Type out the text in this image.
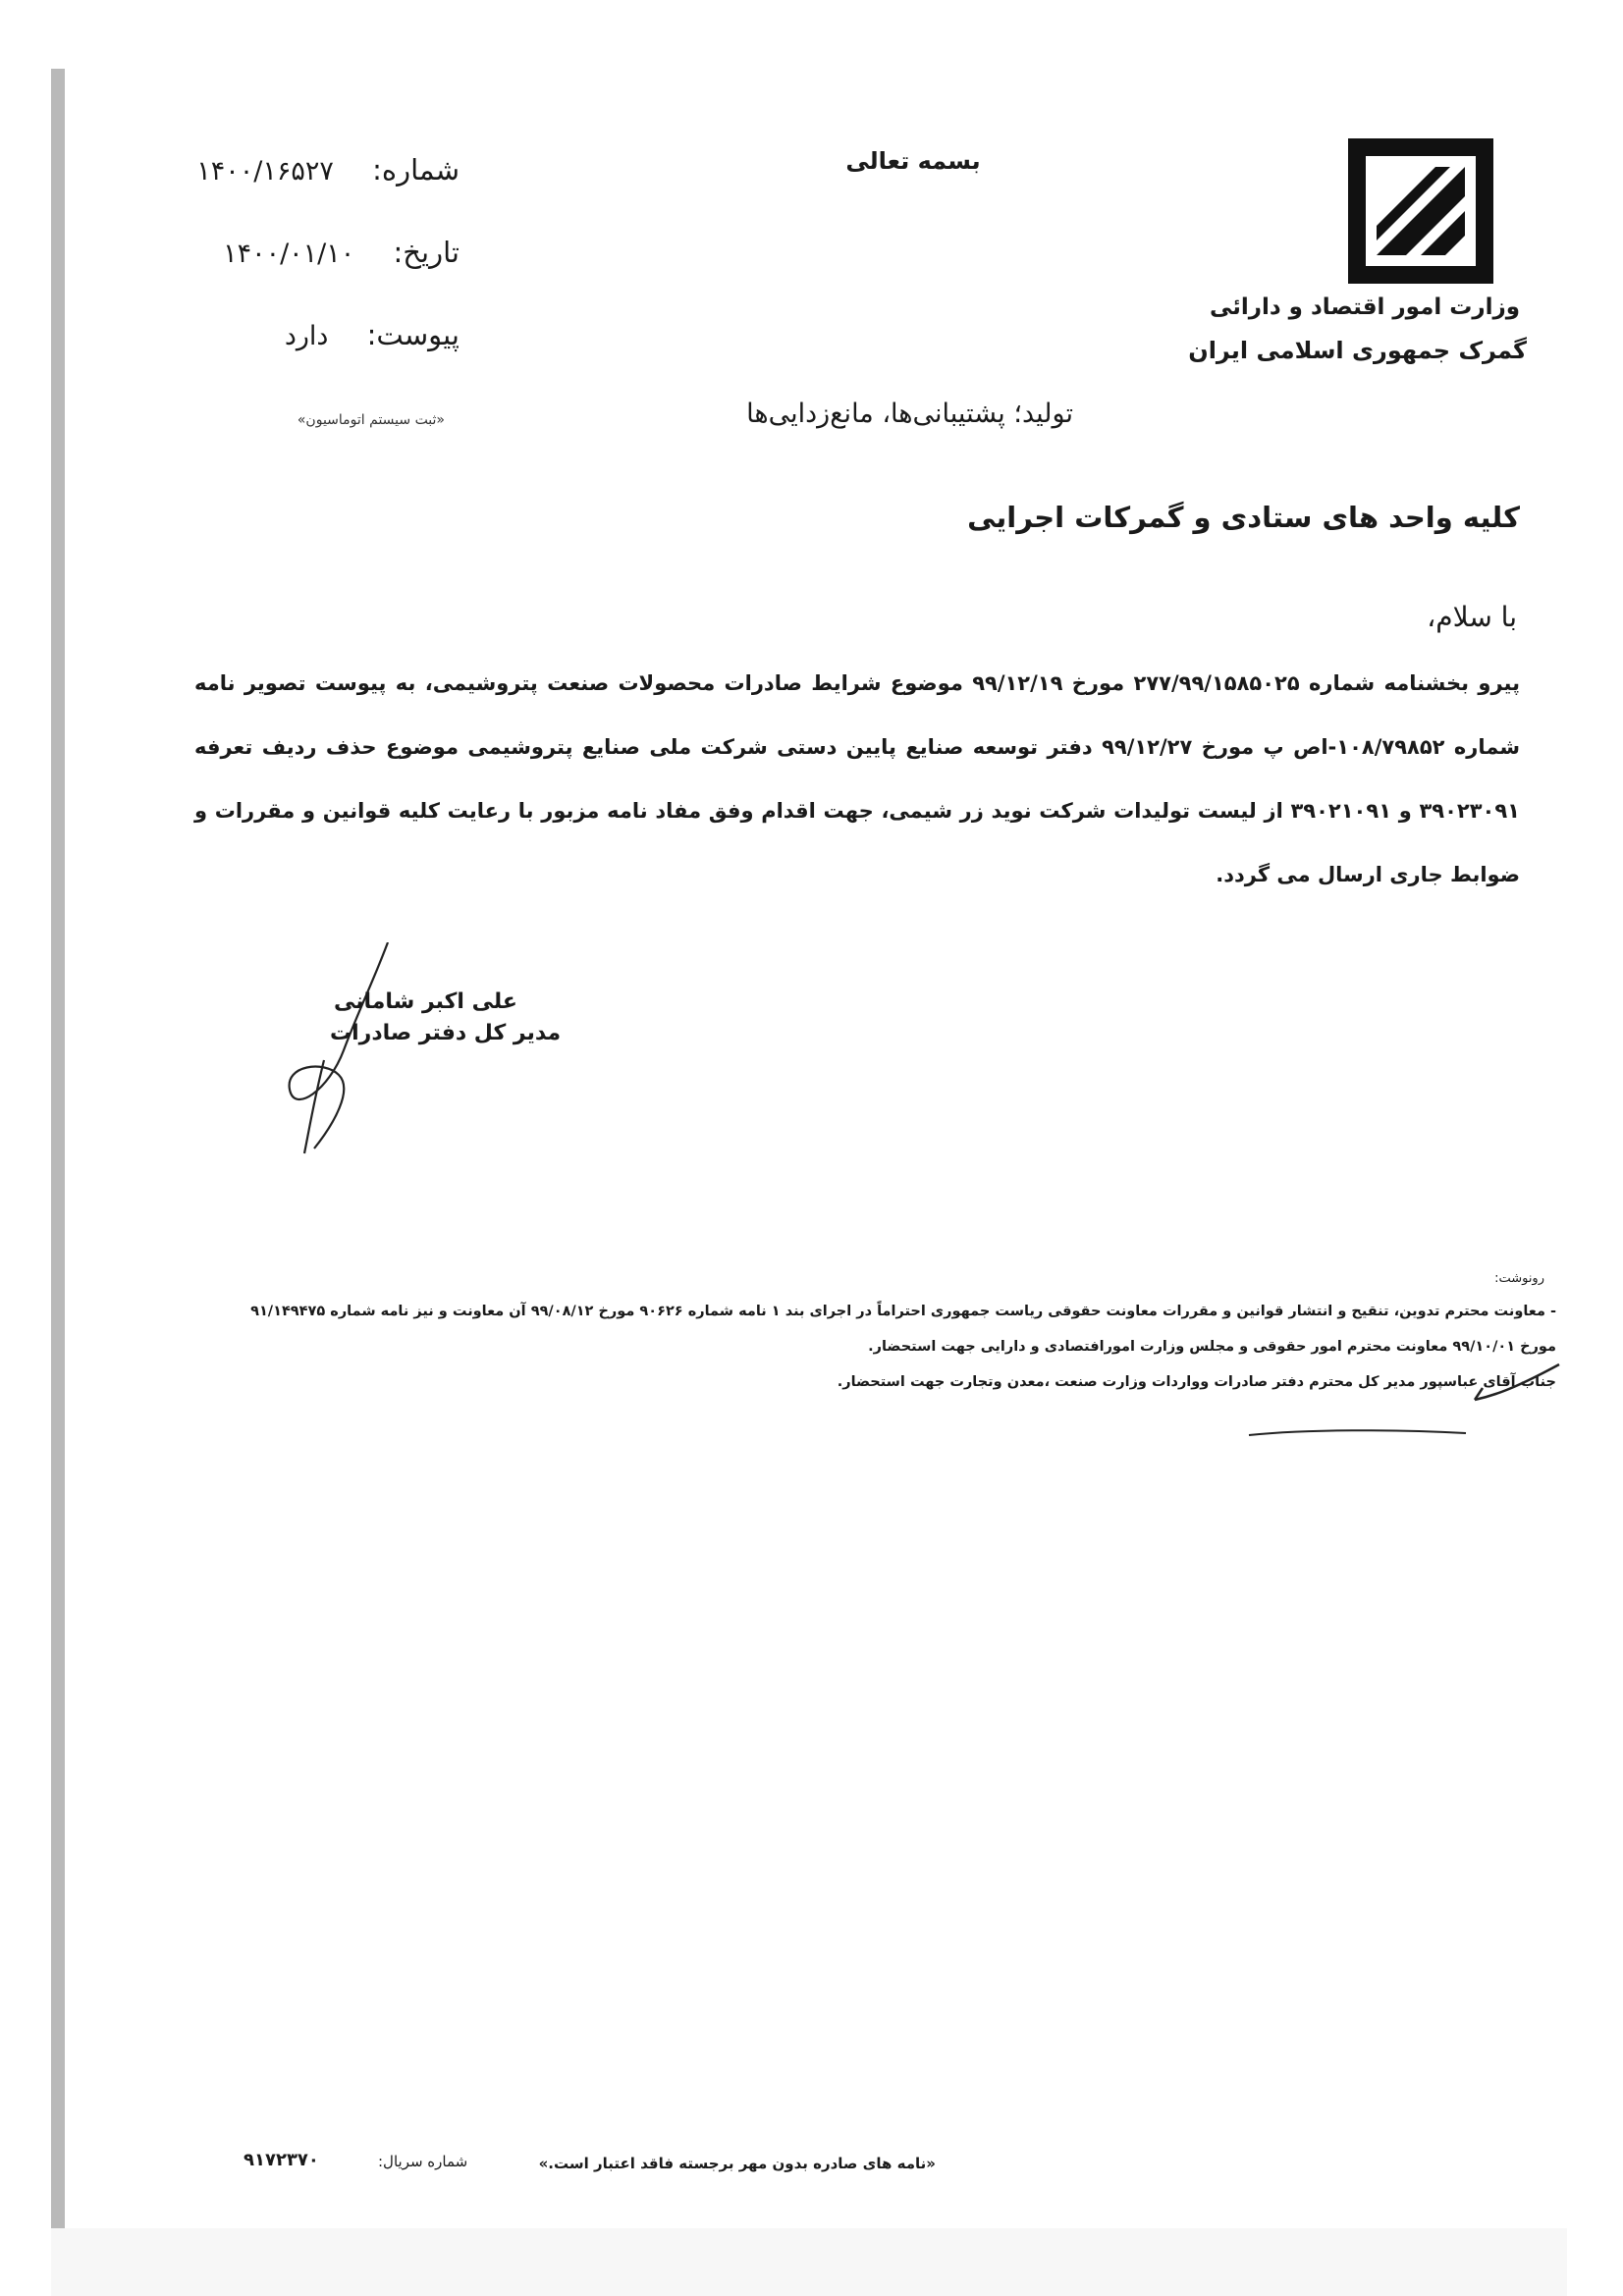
وزارت امور اقتصاد و دارائی
گمرک جمهوری اسلامی ایران
بسمه تعالی
شماره: ۱۴۰۰/۱۶۵۲۷
تاریخ: ۱۴۰۰/۰۱/۱۰
پیوست: دارد
«ثبت سیستم اتوماسیون»	تولید؛ پشتیبانی‌ها، مانع‌زدایی‌ها
کلیه واحد های ستادی و گمرکات اجرایی
با سلام،
پیرو بخشنامه شماره ۲۷۷/۹۹/۱۵۸۵۰۲۵ مورخ ۹۹/۱۲/۱۹ موضوع شرایط صادرات محصولات صنعت پتروشیمی، به پیوست تصویر نامه شماره ۱۰۸/۷۹۸۵۲-اص پ مورخ ۹۹/۱۲/۲۷ دفتر توسعه صنایع پایین دستی شرکت ملی صنایع پتروشیمی موضوع حذف ردیف تعرفه ۳۹۰۲۳۰۹۱ و ۳۹۰۲۱۰۹۱ از لیست تولیدات شرکت نوید زر شیمی، جهت اقدام وفق مفاد نامه مزبور با رعایت کلیه قوانین و مقررات و ضوابط جاری ارسال می گردد.
علی اکبر شامانی
مدیر کل دفتر صادرات
رونوشت:
- معاونت محترم تدوین، تنقیح و انتشار قوانین و مقررات معاونت حقوقی ریاست جمهوری احتراماً در اجرای بند ۱ نامه شماره ۹۰۶۲۶ مورخ ۹۹/۰۸/۱۲ آن معاونت و نیز نامه شماره ۹۱/۱۴۹۴۷۵
مورخ ۹۹/۱۰/۰۱ معاونت محترم امور حقوقی و مجلس وزارت امورافتصادی و دارایی جهت استحضار.
جناب آقای عباسپور مدیر کل محترم دفتر صادرات وواردات وزارت صنعت ،معدن وتجارت جهت استحضار.
«نامه های صادره بدون مهر برجسته فاقد اعتبار است.»
شماره سریال:
۹۱۷۲۳۷۰
